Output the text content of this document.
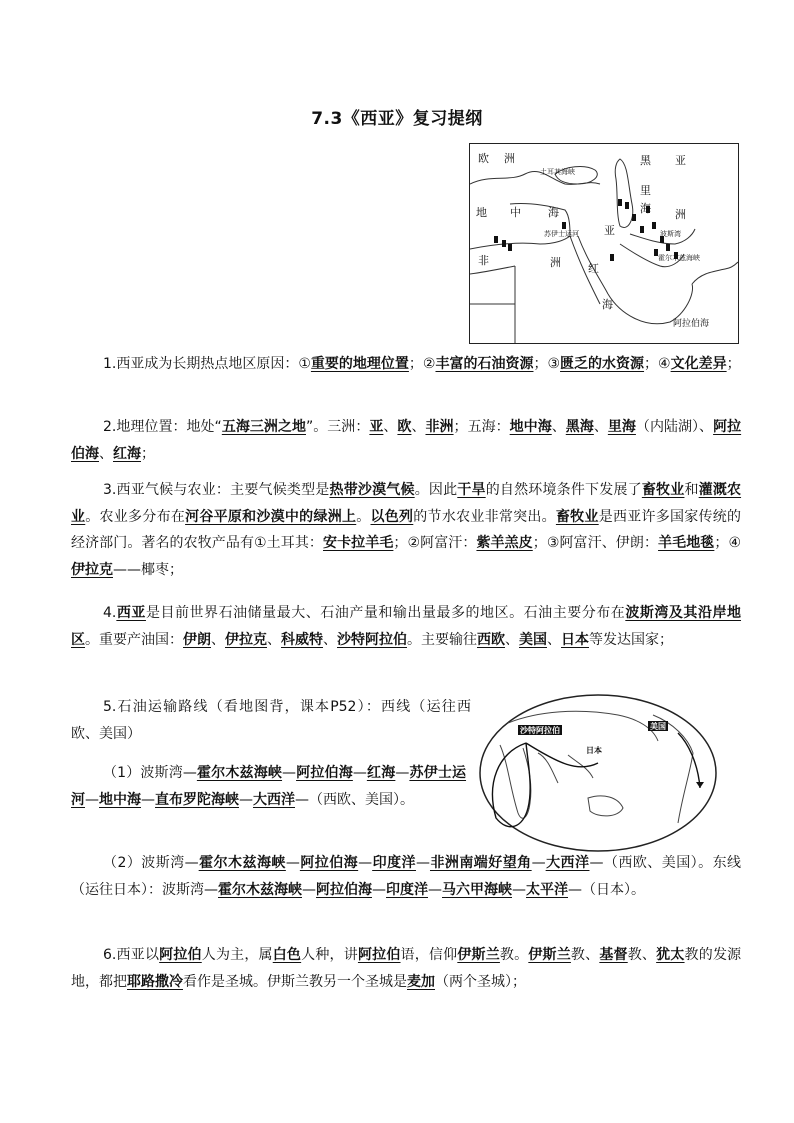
7.3《西亚》复习提纲
欧 洲	黑
里
海
亚
洲
地 中 海
亚
非	洲 红
海
阿拉伯海
土耳其海峡
苏伊士运河	波斯湾
霍尔木兹海峡
沙特阿拉伯
日本
美国
1.西亚成为长期热点地区原因：①重要的地理位置；②丰富的石油资源；③匮乏的水资源；④文化差异；
2.地理位置：地处“五海三洲之地”。三洲：亚、欧、非洲；五海：地中海、黑海、里海（内陆湖）、阿拉伯海、红海；
3.西亚气候与农业：主要气候类型是热带沙漠气候。因此干旱的自然环境条件下发展了畜牧业和灌溉农业。农业多分布在河谷平原和沙漠中的绿洲上。以色列的节水农业非常突出。畜牧业是西亚许多国家传统的经济部门。著名的农牧产品有①土耳其：安卡拉羊毛；②阿富汗：紫羊羔皮；③阿富汗、伊朗：羊毛地毯；④伊拉克——椰枣；
4.西亚是目前世界石油储量最大、石油产量和输出量最多的地区。石油主要分布在波斯湾及其沿岸地区。重要产油国：伊朗、伊拉克、科威特、沙特阿拉伯。主要输往西欧、美国、日本等发达国家；
5.石油运输路线（看地图背，课本P52）：西线（运往西欧、美国）
（1）波斯湾—霍尔木兹海峡—阿拉伯海—红海—苏伊士运河—地中海—直布罗陀海峡—大西洋—（西欧、美国）。
（2）波斯湾—霍尔木兹海峡—阿拉伯海—印度洋—非洲南端好望角—大西洋—（西欧、美国）。东线（运往日本）：波斯湾—霍尔木兹海峡—阿拉伯海—印度洋—马六甲海峡—太平洋—（日本）。
6.西亚以阿拉伯人为主，属白色人种，讲阿拉伯语，信仰伊斯兰教。伊斯兰教、基督教、犹太教的发源地，都把耶路撒冷看作是圣城。伊斯兰教另一个圣城是麦加（两个圣城）；
